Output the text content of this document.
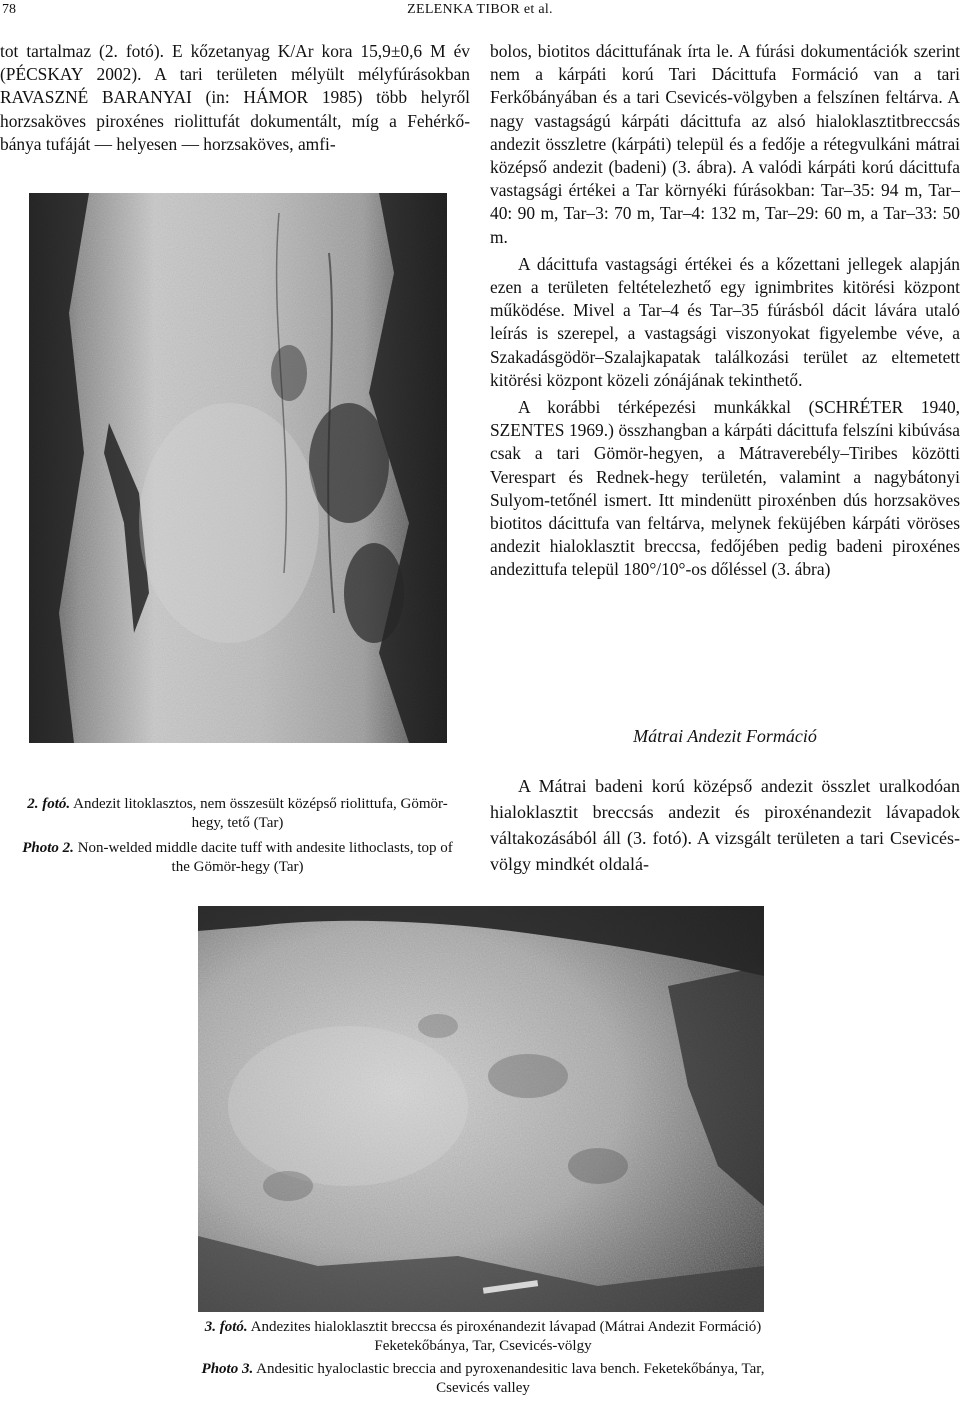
78	ZELENKA TIBOR et al.

tot tartalmaz (2. fotó). E kőzetanyag K/Ar kora 15,9±0,6 M év (PÉCSKAY 2002). A tari területen mélyült mélyfúrásokban RAVASZNÉ BARANYAI (in: HÁMOR 1985) több helyről horzsaköves piroxénes riolittufát dokumentált, míg a Fehérkő-bánya tufáját — helyesen — horzsaköves, amfi-

2. fotó. Andezit litoklasztos, nem összesült középső riolittufa, Gömör-hegy, tető (Tar)
Photo 2. Non-welded middle dacite tuff with andesite lithoclasts, top of the Gömör-hegy (Tar)

bolos, biotitos dácittufának írta le. A fúrási dokumentációk szerint nem a kárpáti korú Tari Dácittufa Formáció van a tari Ferkőbányában és a tari Csevicés-völgyben a felszínen feltárva. A nagy vastagságú kárpáti dácittufa az alsó hialoklasztitbreccsás andezit összletre (kárpáti) települ és a fedője a rétegvulkáni mátrai középső andezit (badeni) (3. ábra). A valódi kárpáti korú dácittufa vastagsági értékei a Tar környéki fúrásokban: Tar–35: 94 m, Tar–40: 90 m, Tar–3: 70 m, Tar–4: 132 m, Tar–29: 60 m, a Tar–33: 50 m.

A dácittufa vastagsági értékei és a kőzettani jellegek alapján ezen a területen feltételezhető egy ignimbrites kitörési központ működése. Mivel a Tar–4 és Tar–35 fúrásból dácit lávára utaló leírás is szerepel, a vastagsági viszonyokat figyelembe véve, a Szakadásgödör–Szalajkapatak találkozási terület az eltemetett kitörési központ közeli zónájának tekinthető.

A korábbi térképezési munkákkal (SCHRÉTER 1940, SZENTES 1969.) összhangban a kárpáti dácittufa felszíni kibúvása csak a tari Gömör-hegyen, a Mátraverebély–Tiribes közötti Verespart és Rednek-hegy területén, valamint a nagybátonyi Sulyom-tetőnél ismert. Itt mindenütt piroxénben dús horzsaköves biotitos dácittufa van feltárva, melynek feküjében kárpáti vöröses andezit hialoklasztit breccsa, fedőjében pedig badeni piroxénes andezittufa települ 180°/10°-os dőléssel (3. ábra)

Mátrai Andezit Formáció

A Mátrai badeni korú középső andezit összlet uralkodóan hialoklasztit breccsás andezit és piroxénandezit lávapadok váltakozásából áll (3. fotó). A vizsgált területen a tari Csevicés-völgy mindkét oldalá-

3. fotó. Andezites hialoklasztit breccsa és piroxénandezit lávapad (Mátrai Andezit Formáció) Feketekőbánya, Tar, Csevicés-völgy
Photo 3. Andesitic hyaloclastic breccia and pyroxenandesitic lava bench. Feketekőbánya, Tar, Csevicés valley
